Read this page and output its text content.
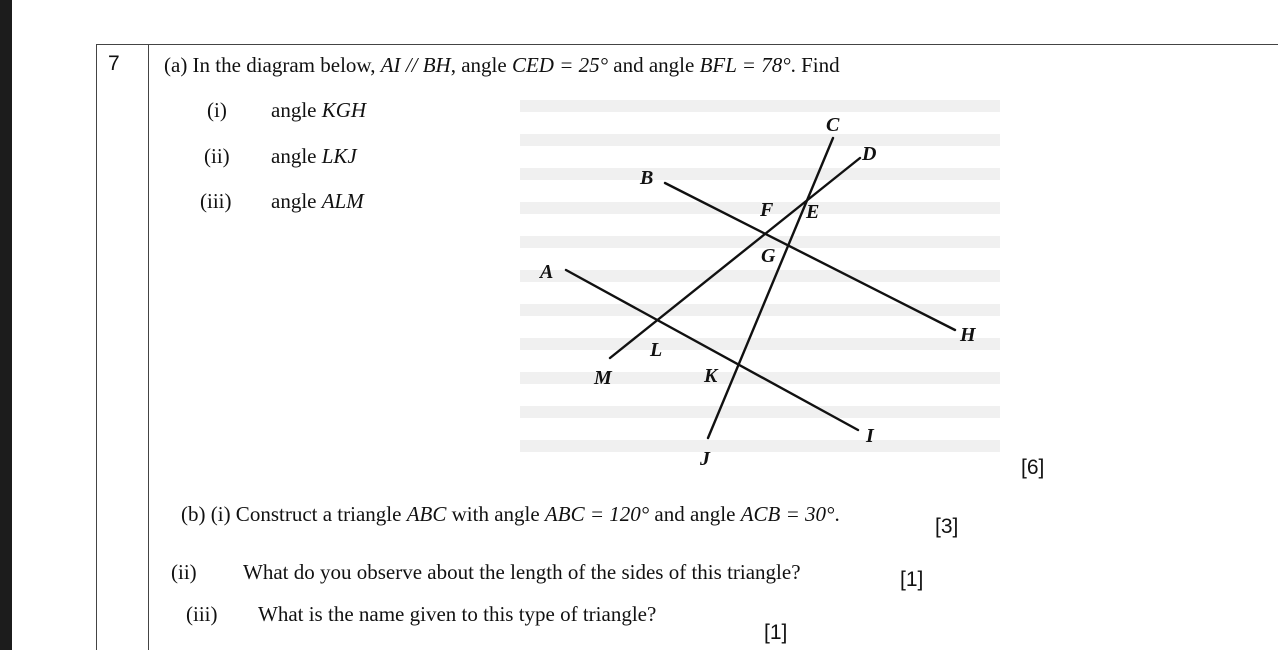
7 (a) In the diagram below, AI // BH, angle CED = 25° and angle BFL = 78°. Find
(i) angle KGH
(ii) angle LKJ
(iii) angle ALM
A
B
C
D
E
F
G
H
I
J
K
L
M
[6]
(b) (i) Construct a triangle ABC with angle ABC = 120° and angle ACB = 30°.
[3]
(ii) What do you observe about the length of the sides of this triangle?	[1]
(iii) What is the name given to this type of triangle?
[1]
